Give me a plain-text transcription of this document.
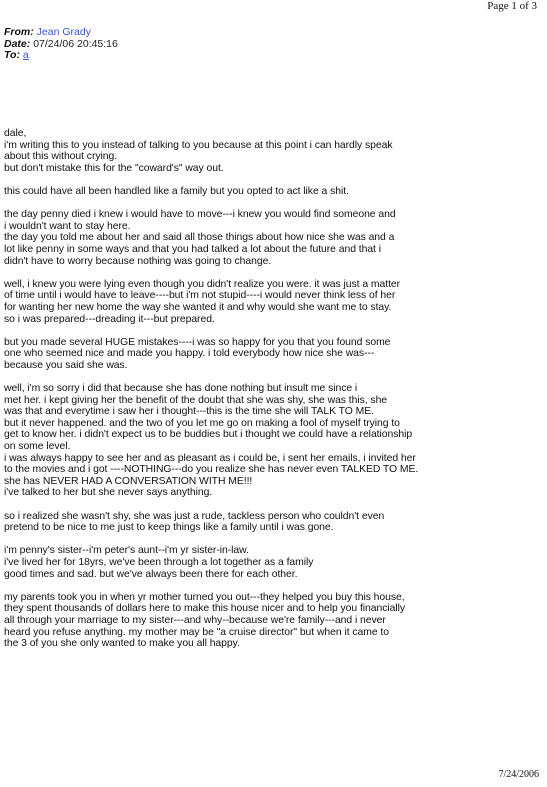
Page 1 of 3
From: Jean Grady
Date: 07/24/06 20:45:16
To: a
dale,
i'm writing this to you instead of talking to you because at this point i can hardly speak
about this without crying.
but don't mistake this for the "coward's" way out.
this could have all been handled like a family but you opted to act like a shit.
the day penny died i knew i would have to move---i knew you would find someone and
i wouldn't want to stay here.
the day you told me about her and said all those things about how nice she was and a
lot like penny in some ways and that you had talked a lot about the future and that i
didn't have to worry because nothing was going to change.
well, i knew you were lying even though you didn't realize you were. it was just a matter
of time until i would have to leave----but i'm not stupid----i would never think less of her
for wanting her new home the way she wanted it and why would she want me to stay.
so i was prepared---dreading it---but prepared.
but you made several HUGE mistakes----i was so happy for you that you found some
one who seemed nice and made you happy. i told everybody how nice she was---
because you said she was.
well, i'm so sorry i did that because she has done nothing but insult me since i
met her. i kept giving her the benefit of the doubt that she was shy, she was this, she
was that and everytime i saw her i thought---this is the time she will TALK TO ME.
but it never happened. and the two of you let me go on making a fool of myself trying to
get to know her. i didn't expect us to be buddies but i thought we could have a relationship
on some level.
i was always happy to see her and as pleasant as i could be, i sent her emails, i invited her
to the movies and i got ----NOTHING---do you realize she has never even TALKED TO ME.
she has NEVER HAD A CONVERSATION WITH ME!!!
i've talked to her but she never says anything.
so i realized she wasn't shy, she was just a rude, tackless person who couldn't even
pretend to be nice to me just to keep things like a family until i was gone.
i'm penny's sister--i'm peter's aunt--i'm yr sister-in-law.
i've lived her for 18yrs, we've been through a lot together as a family
good times and sad. but we've always been there for each other.
my parents took you in when yr mother turned you out---they helped you buy this house,
they spent thousands of dollars here to make this house nicer and to help you financially
all through your marriage to my sister---and why--because we're family---and i never
heard you refuse anything. my mother may be "a cruise director" but when it came to
the 3 of you she only wanted to make you all happy.
7/24/2006
